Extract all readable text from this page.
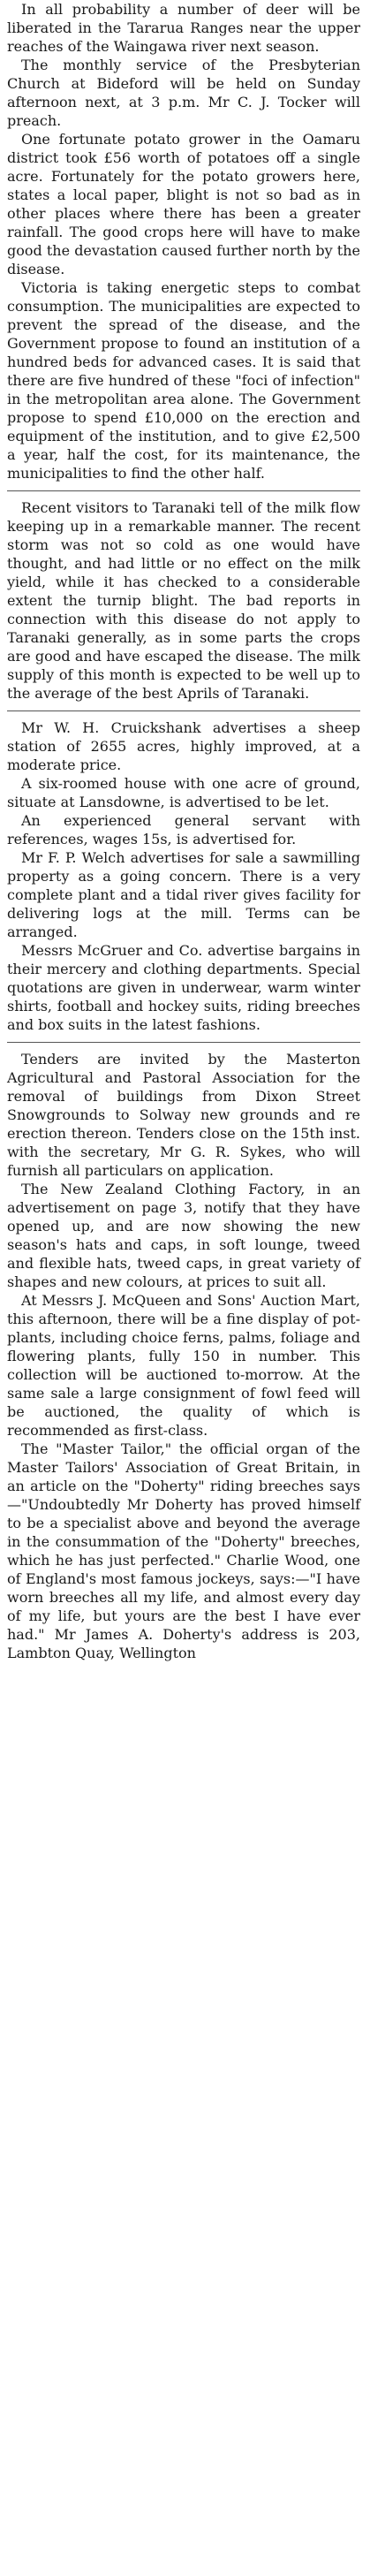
In all probability a number of deer will be liberated in the Tararua Ranges near the upper reaches of the Waingawa river next season.

The monthly service of the Presbyterian Church at Bideford will be held on Sunday afternoon next, at 3 p.m. Mr C. J. Tocker will preach.

One fortunate potato grower in the Oamaru district took £56 worth of potatoes off a single acre. Fortunately for the potato growers here, states a local paper, blight is not so bad as in other places where there has been a greater rainfall. The good crops here will have to make good the devastation caused further north by the disease.

Victoria is taking energetic steps to combat consumption. The municipalities are expected to prevent the spread of the disease, and the Government propose to found an institution of a hundred beds for advanced cases. It is said that there are five hundred of these "foci of infection" in the metropolitan area alone. The Government propose to spend £10,000 on the erection and equipment of the institution, and to give £2,500 a year, half the cost, for its maintenance, the municipalities to find the other half.

Recent visitors to Taranaki tell of the milk flow keeping up in a remarkable manner. The recent storm was not so cold as one would have thought, and had little or no effect on the milk yield, while it has checked to a considerable extent the turnip blight. The bad reports in connection with this disease do not apply to Taranaki generally, as in some parts the crops are good and have escaped the disease. The milk supply of this month is expected to be well up to the average of the best Aprils of Taranaki.

Mr W. H. Cruickshank advertises a sheep station of 2655 acres, highly improved, at a moderate price.

A six-roomed house with one acre of ground, situate at Lansdowne, is advertised to be let.

An experienced general servant with references, wages 15s, is advertised for.

Mr F. P. Welch advertises for sale a sawmilling property as a going concern. There is a very complete plant and a tidal river gives facility for delivering logs at the mill. Terms can be arranged.

Messrs McGruer and Co. advertise bargains in their mercery and clothing departments. Special quotations are given in underwear, warm winter shirts, football and hockey suits, riding breeches and box suits in the latest fashions.

Tenders are invited by the Masterton Agricultural and Pastoral Association for the removal of buildings from Dixon Street Snowgrounds to Solway new grounds and re erection thereon. Tenders close on the 15th inst. with the secretary, Mr G. R. Sykes, who will furnish all particulars on application.

The New Zealand Clothing Factory, in an advertisement on page 3, notify that they have opened up, and are now showing the new season's hats and caps, in soft lounge, tweed and flexible hats, tweed caps, in great variety of shapes and new colours, at prices to suit all.

At Messrs J. McQueen and Sons' Auction Mart, this afternoon, there will be a fine display of pot-plants, including choice ferns, palms, foliage and flowering plants, fully 150 in number. This collection will be auctioned to-morrow. At the same sale a large consignment of fowl feed will be auctioned, the quality of which is recommended as first-class.

The "Master Tailor," the official organ of the Master Tailors' Association of Great Britain, in an article on the "Doherty" riding breeches says—"Undoubtedly Mr Doherty has proved himself to be a specialist above and beyond the average in the consummation of the "Doherty" breeches, which he has just perfected." Charlie Wood, one of England's most famous jockeys, says:—"I have worn breeches all my life, and almost every day of my life, but yours are the best I have ever had." Mr James A. Doherty's address is 203, Lambton Quay, Wellington
